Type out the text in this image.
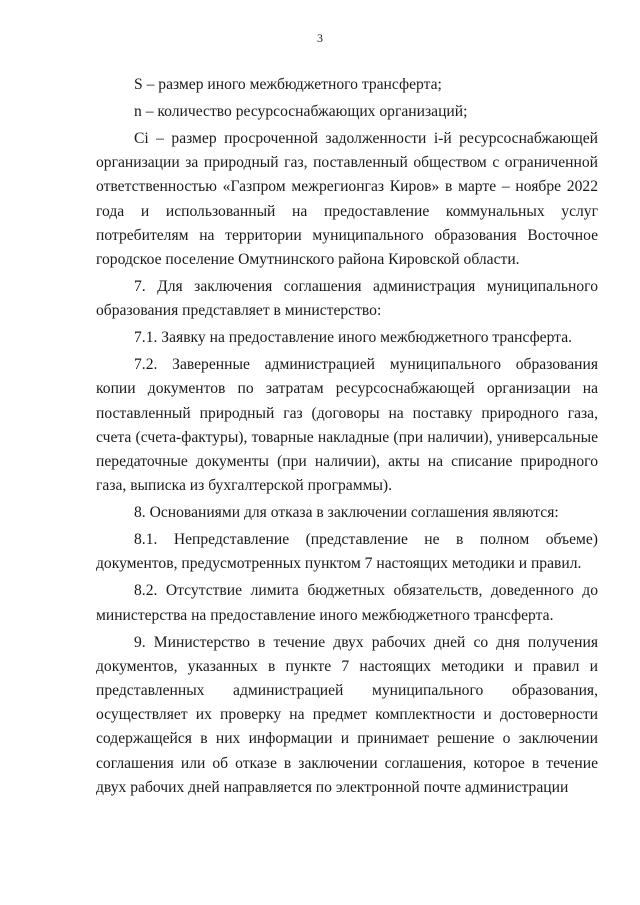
3

S – размер иного межбюджетного трансферта;

n – количество ресурсоснабжающих организаций;

Ci – размер просроченной задолженности i-й ресурсоснабжающей организации за природный газ, поставленный обществом с ограниченной ответственностью «Газпром межрегионгаз Киров» в марте – ноябре 2022 года и использованный на предоставление коммунальных услуг потребителям на территории муниципального образования Восточное городское поселение Омутнинского района Кировской области.

7. Для заключения соглашения администрация муниципального образования представляет в министерство:

7.1. Заявку на предоставление иного межбюджетного трансферта.

7.2. Заверенные администрацией муниципального образования копии документов по затратам ресурсоснабжающей организации на поставленный природный газ (договоры на поставку природного газа, счета (счета-фактуры), товарные накладные (при наличии), универсальные передаточные документы (при наличии), акты на списание природного газа, выписка из бухгалтерской программы).

8. Основаниями для отказа в заключении соглашения являются:

8.1. Непредставление (представление не в полном объеме) документов, предусмотренных пунктом 7 настоящих методики и правил.

8.2. Отсутствие лимита бюджетных обязательств, доведенного до министерства на предоставление иного межбюджетного трансферта.

9. Министерство в течение двух рабочих дней со дня получения документов, указанных в пункте 7 настоящих методики и правил и представленных администрацией муниципального образования, осуществляет их проверку на предмет комплектности и достоверности содержащейся в них информации и принимает решение о заключении соглашения или об отказе в заключении соглашения, которое в течение двух рабочих дней направляется по электронной почте администрации
